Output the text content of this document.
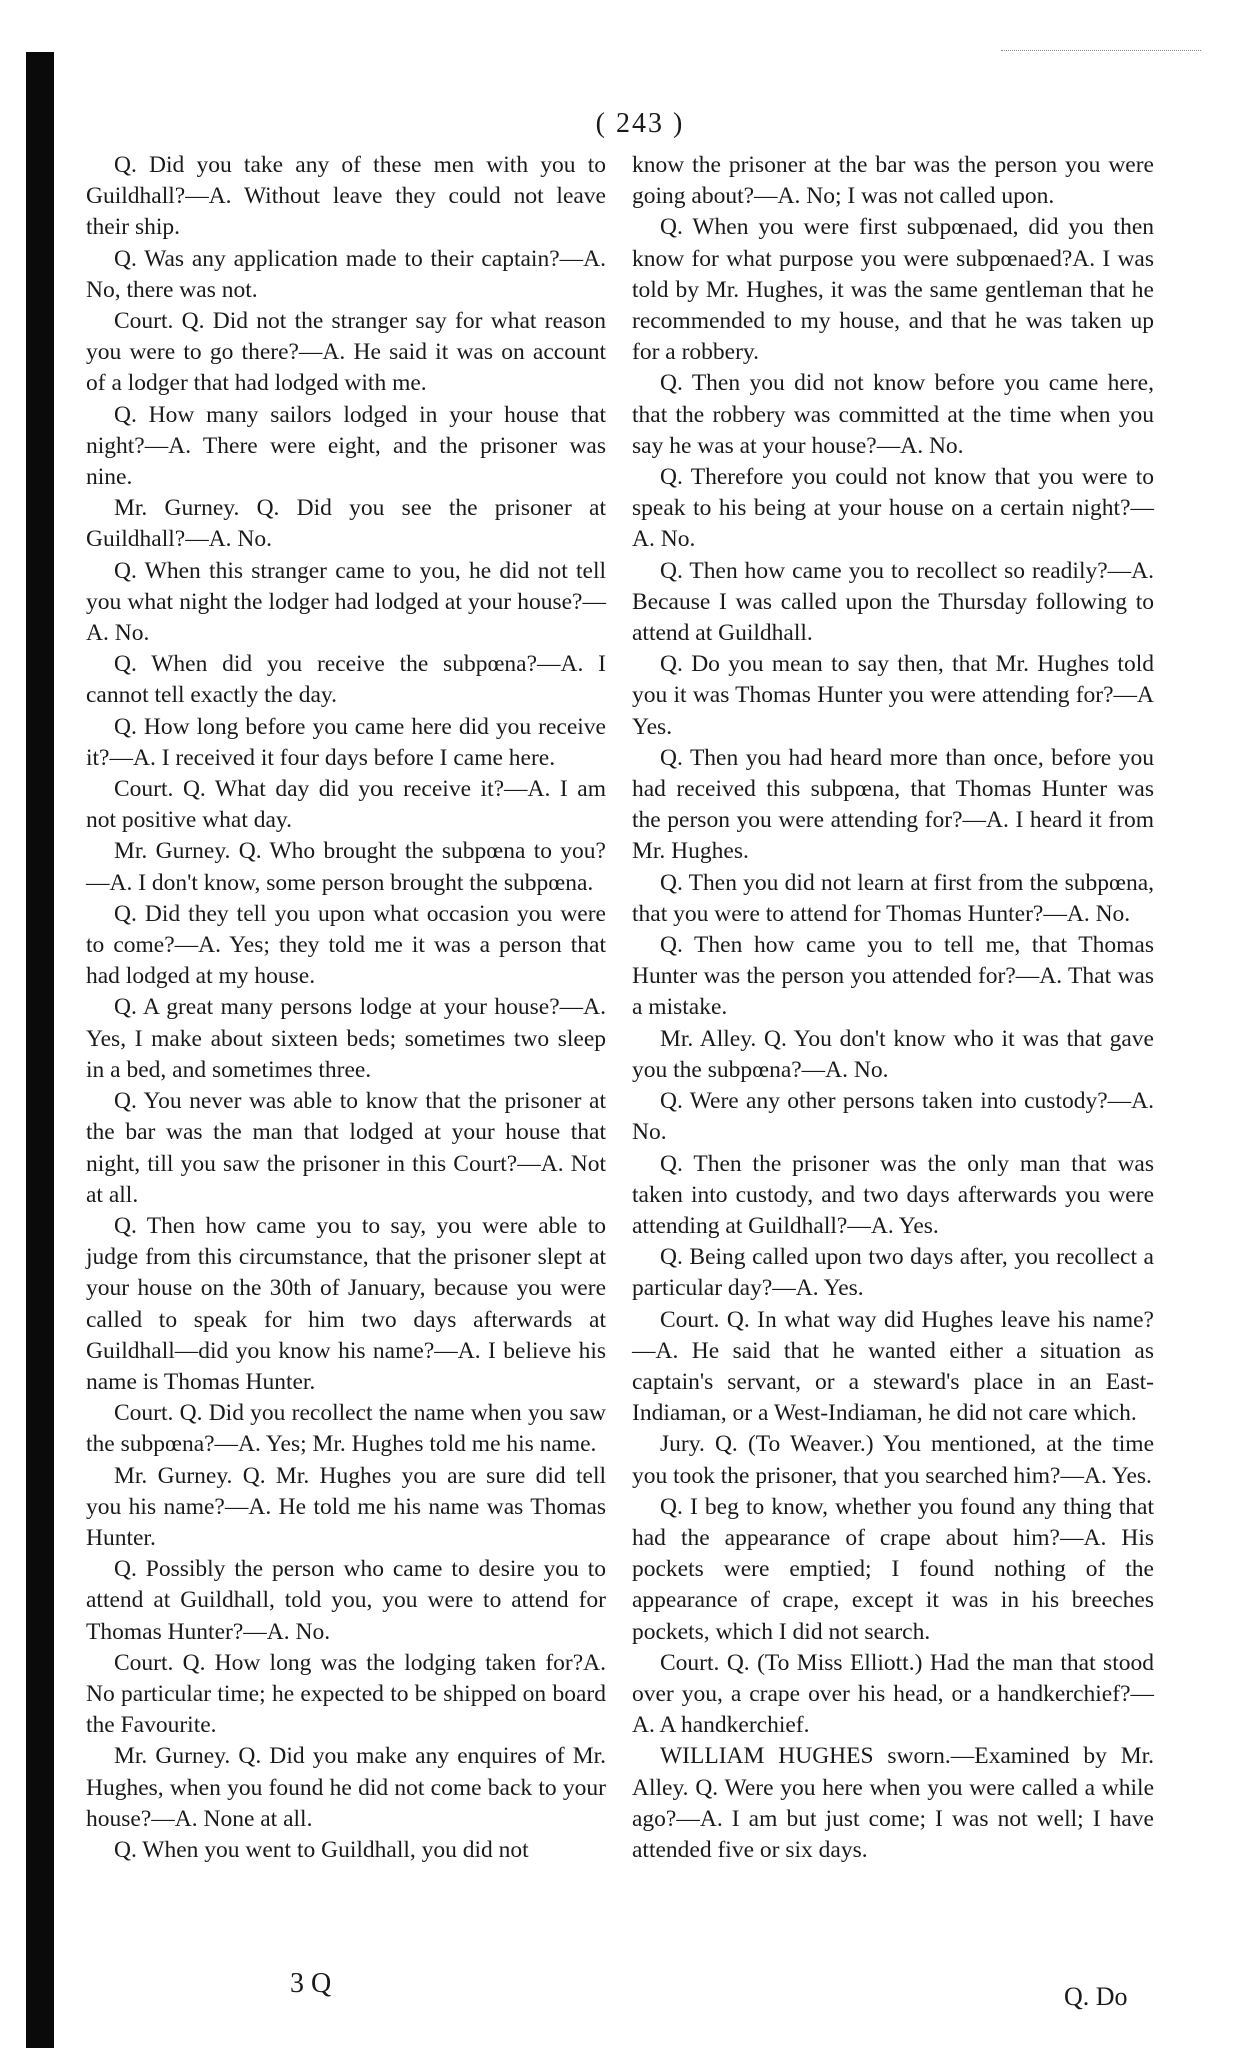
( 243 )

Q. Did you take any of these men with you to Guildhall?—A. Without leave they could not leave their ship.

Q. Was any application made to their captain?—A. No, there was not.

Court. Q. Did not the stranger say for what reason you were to go there?—A. He said it was on account of a lodger that had lodged with me.

Q. How many sailors lodged in your house that night?—A. There were eight, and the prisoner was nine.

Mr. Gurney. Q. Did you see the prisoner at Guildhall?—A. No.

Q. When this stranger came to you, he did not tell you what night the lodger had lodged at your house?—A. No.

Q. When did you receive the subpœna?—A. I cannot tell exactly the day.

Q. How long before you came here did you receive it?—A. I received it four days before I came here.

Court. Q. What day did you receive it?—A. I am not positive what day.

Mr. Gurney. Q. Who brought the subpœna to you?—A. I don't know, some person brought the subpœna.

Q. Did they tell you upon what occasion you were to come?—A. Yes; they told me it was a person that had lodged at my house.

Q. A great many persons lodge at your house?—A. Yes, I make about sixteen beds; sometimes two sleep in a bed, and sometimes three.

Q. You never was able to know that the prisoner at the bar was the man that lodged at your house that night, till you saw the prisoner in this Court?—A. Not at all.

Q. Then how came you to say, you were able to judge from this circumstance, that the prisoner slept at your house on the 30th of January, because you were called to speak for him two days afterwards at Guildhall—did you know his name?—A. I believe his name is Thomas Hunter.

Court. Q. Did you recollect the name when you saw the subpœna?—A. Yes; Mr. Hughes told me his name.

Mr. Gurney. Q. Mr. Hughes you are sure did tell you his name?—A. He told me his name was Thomas Hunter.

Q. Possibly the person who came to desire you to attend at Guildhall, told you, you were to attend for Thomas Hunter?—A. No.

Court. Q. How long was the lodging taken for?A. No particular time; he expected to be shipped on board the Favourite.

Mr. Gurney. Q. Did you make any enquires of Mr. Hughes, when you found he did not come back to your house?—A. None at all.

Q. When you went to Guildhall, you did not

know the prisoner at the bar was the person you were going about?—A. No; I was not called upon.

Q. When you were first subpœnaed, did you then know for what purpose you were subpœnaed?A. I was told by Mr. Hughes, it was the same gentleman that he recommended to my house, and that he was taken up for a robbery.

Q. Then you did not know before you came here, that the robbery was committed at the time when you say he was at your house?—A. No.

Q. Therefore you could not know that you were to speak to his being at your house on a certain night?—A. No.

Q. Then how came you to recollect so readily?—A. Because I was called upon the Thursday following to attend at Guildhall.

Q. Do you mean to say then, that Mr. Hughes told you it was Thomas Hunter you were attending for?—A Yes.

Q. Then you had heard more than once, before you had received this subpœna, that Thomas Hunter was the person you were attending for?—A. I heard it from Mr. Hughes.

Q. Then you did not learn at first from the subpœna, that you were to attend for Thomas Hunter?—A. No.

Q. Then how came you to tell me, that Thomas Hunter was the person you attended for?—A. That was a mistake.

Mr. Alley. Q. You don't know who it was that gave you the subpœna?—A. No.

Q. Were any other persons taken into custody?—A. No.

Q. Then the prisoner was the only man that was taken into custody, and two days afterwards you were attending at Guildhall?—A. Yes.

Q. Being called upon two days after, you recollect a particular day?—A. Yes.

Court. Q. In what way did Hughes leave his name?—A. He said that he wanted either a situation as captain's servant, or a steward's place in an East-Indiaman, or a West-Indiaman, he did not care which.

Jury. Q. (To Weaver.) You mentioned, at the time you took the prisoner, that you searched him?—A. Yes.

Q. I beg to know, whether you found any thing that had the appearance of crape about him?—A. His pockets were emptied; I found nothing of the appearance of crape, except it was in his breeches pockets, which I did not search.

Court. Q. (To Miss Elliott.) Had the man that stood over you, a crape over his head, or a handkerchief?—A. A handkerchief.

WILLIAM HUGHES sworn.—Examined by Mr. Alley. Q. Were you here when you were called a while ago?—A. I am but just come; I was not well; I have attended five or six days.

3 Q	Q. Do
